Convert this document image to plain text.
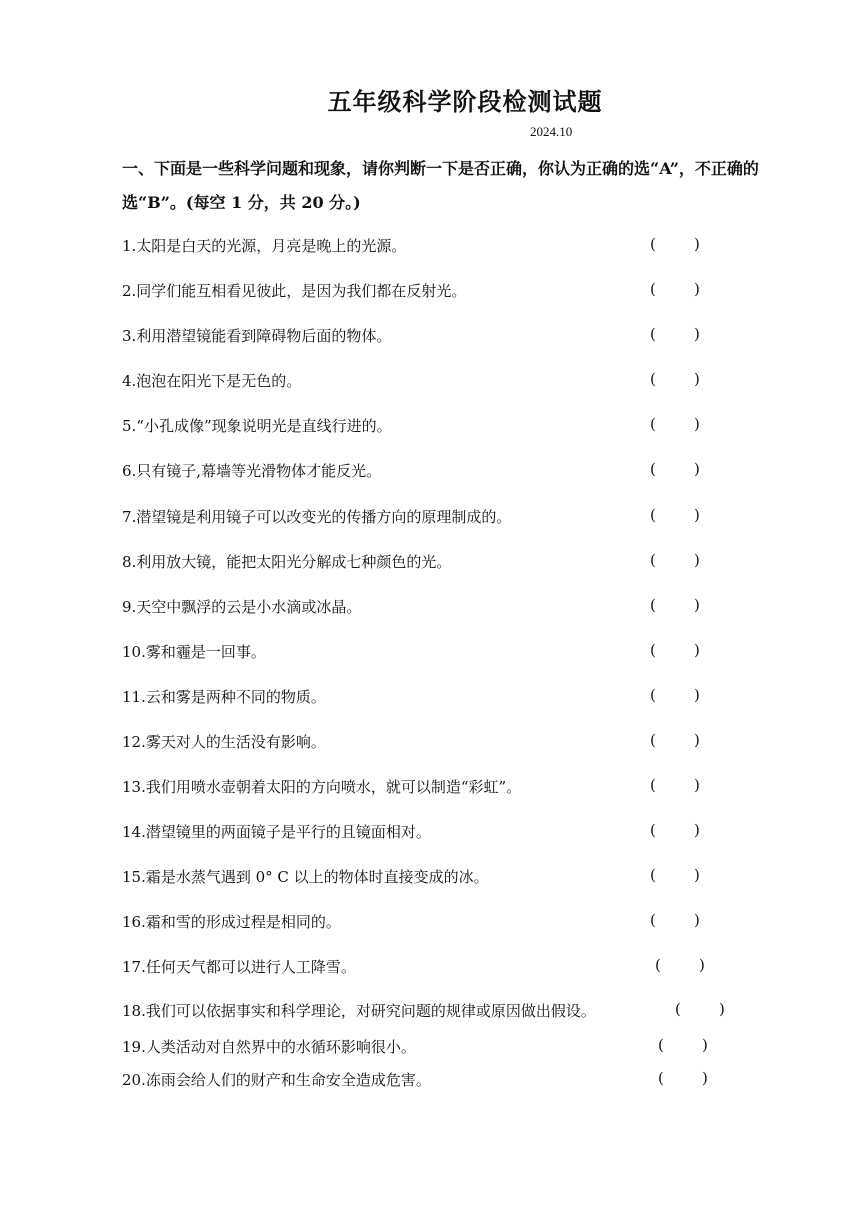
五年级科学阶段检测试题
2024.10
一、下面是一些科学问题和现象，请你判断一下是否正确，你认为正确的选“A”，不正确的选“B”。(每空 1 分，共 20 分。)
1.太阳是白天的光源，月亮是晚上的光源。	(        )
2.同学们能互相看见彼此，是因为我们都在反射光。	(        )
3.利用潜望镜能看到障碍物后面的物体。	(        )
4.泡泡在阳光下是无色的。	(        )
5.“小孔成像”现象说明光是直线行进的。	(        )
6.只有镜子,幕墙等光滑物体才能反光。	(        )
7.潜望镜是利用镜子可以改变光的传播方向的原理制成的。	(        )
8.利用放大镜，能把太阳光分解成七种颜色的光。	(        )
9.天空中飘浮的云是小水滴或冰晶。	(        )
10.雾和霾是一回事。	(        )
11.云和雾是两种不同的物质。	(        )
12.雾天对人的生活没有影响。	(        )
13.我们用喷水壶朝着太阳的方向喷水，就可以制造“彩虹”。	(        )
14.潜望镜里的两面镜子是平行的且镜面相对。	(        )
15.霜是水蒸气遇到 0° C 以上的物体时直接变成的冰。	(        )
16.霜和雪的形成过程是相同的。	(        )
17.任何天气都可以进行人工降雪。	(        )
18.我们可以依据事实和科学理论，对研究问题的规律或原因做出假设。	(        )
19.人类活动对自然界中的水循环影响很小。	(        )
20.冻雨会给人们的财产和生命安全造成危害。	(        )
